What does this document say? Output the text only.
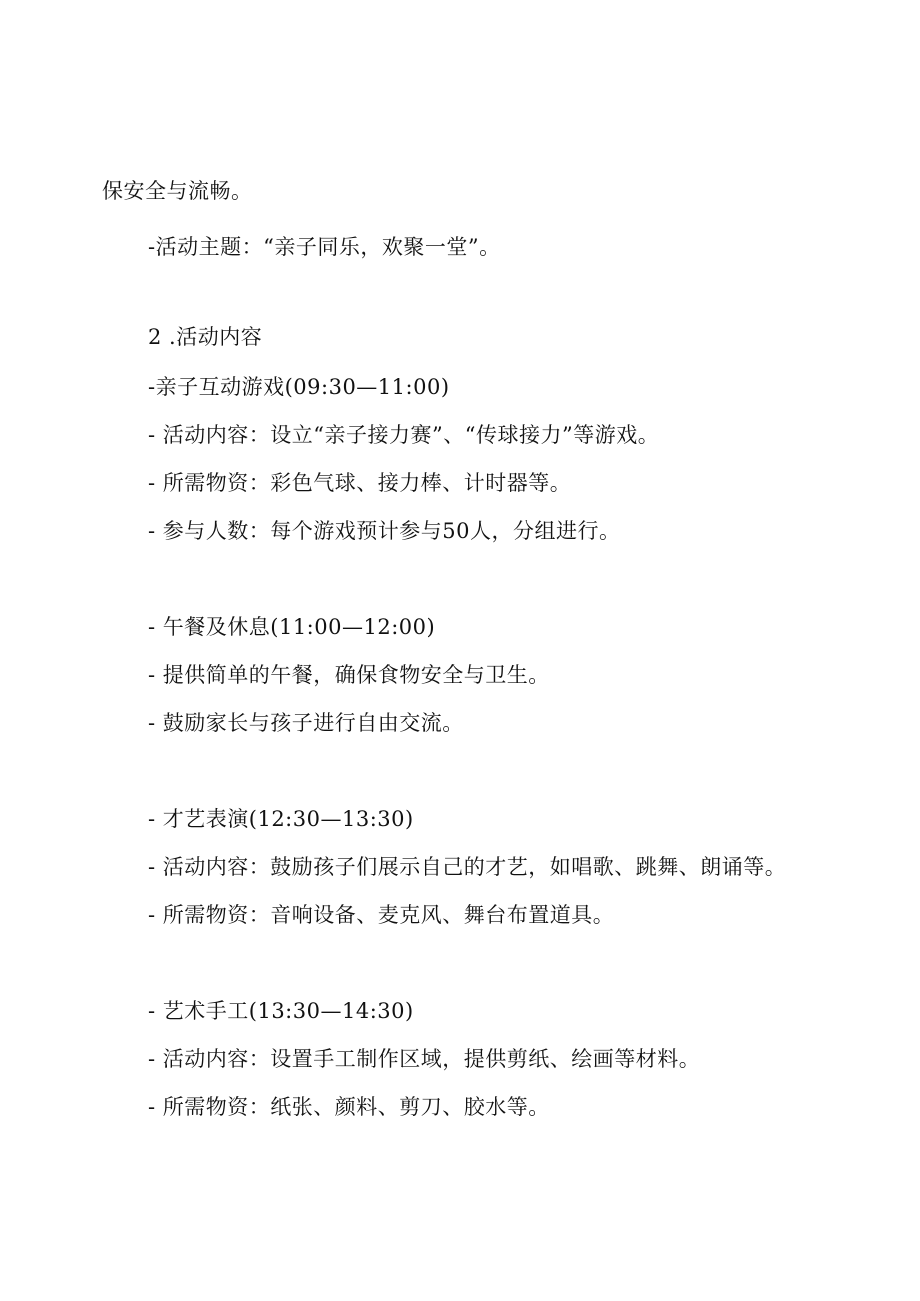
保安全与流畅。
-活动主题：“亲子同乐，欢聚一堂”。
2 .活动内容
-亲子互动游戏(09:30—11:00)
- 活动内容：设立“亲子接力赛”、“传球接力”等游戏。
- 所需物资：彩色气球、接力棒、计时器等。
- 参与人数：每个游戏预计参与50人，分组进行。
- 午餐及休息(11:00—12:00)
- 提供简单的午餐，确保食物安全与卫生。
- 鼓励家长与孩子进行自由交流。
- 才艺表演(12:30—13:30)
- 活动内容：鼓励孩子们展示自己的才艺，如唱歌、跳舞、朗诵等。
- 所需物资：音响设备、麦克风、舞台布置道具。
- 艺术手工(13:30—14:30)
- 活动内容：设置手工制作区域，提供剪纸、绘画等材料。
- 所需物资：纸张、颜料、剪刀、胶水等。
